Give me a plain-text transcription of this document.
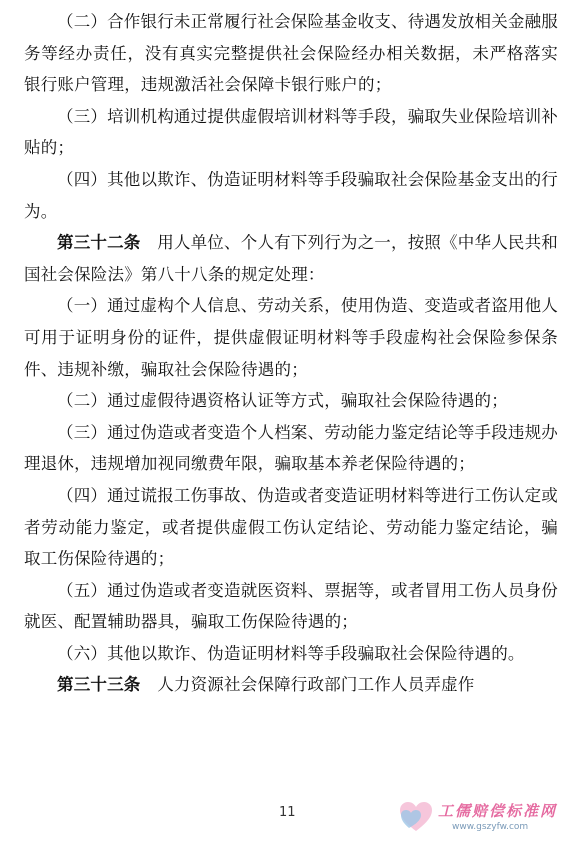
（二）合作银行未正常履行社会保险基金收支、待遇发放相关金融服务等经办责任，没有真实完整提供社会保险经办相关数据，未严格落实银行账户管理，违规激活社会保障卡银行账户的；

（三）培训机构通过提供虚假培训材料等手段，骗取失业保险培训补贴的；

（四）其他以欺诈、伪造证明材料等手段骗取社会保险基金支出的行为。

第三十二条　用人单位、个人有下列行为之一，按照《中华人民共和国社会保险法》第八十八条的规定处理：

（一）通过虚构个人信息、劳动关系，使用伪造、变造或者盗用他人可用于证明身份的证件，提供虚假证明材料等手段虚构社会保险参保条件、违规补缴，骗取社会保险待遇的；

（二）通过虚假待遇资格认证等方式，骗取社会保险待遇的；

（三）通过伪造或者变造个人档案、劳动能力鉴定结论等手段违规办理退休，违规增加视同缴费年限，骗取基本养老保险待遇的；

（四）通过谎报工伤事故、伪造或者变造证明材料等进行工伤认定或者劳动能力鉴定，或者提供虚假工伤认定结论、劳动能力鉴定结论，骗取工伤保险待遇的；

（五）通过伪造或者变造就医资料、票据等，或者冒用工伤人员身份就医、配置辅助器具，骗取工伤保险待遇的；

（六）其他以欺诈、伪造证明材料等手段骗取社会保险待遇的。

第三十三条　人力资源社会保障行政部门工作人员弄虚作

11	工儒赔偿标准网
www.gszyfw.com
